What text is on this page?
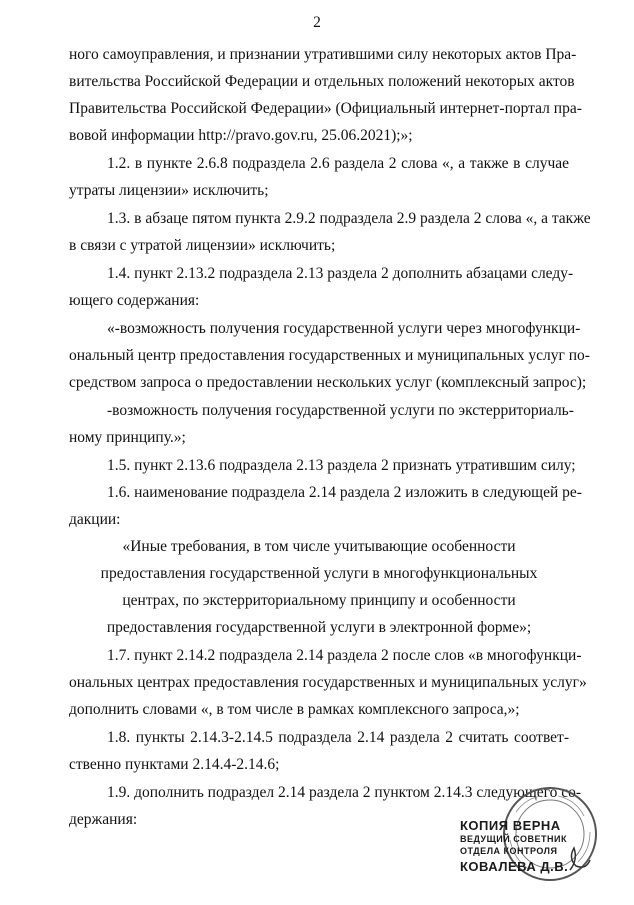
2
ного самоуправления, и признании утратившими силу некоторых актов Пра-
вительства Российской Федерации и отдельных положений некоторых актов
Правительства Российской Федерации» (Официальный интернет-портал пра-
вовой информации http://pravo.gov.ru, 25.06.2021);»;
1.2. в пункте 2.6.8 подраздела 2.6 раздела 2 слова «, а также в случае
утраты лицензии» исключить;
1.3. в абзаце пятом пункта 2.9.2 подраздела 2.9 раздела 2 слова «, а также
в связи с утратой лицензии» исключить;
1.4. пункт 2.13.2 подраздела 2.13 раздела 2 дополнить абзацами следу-
ющего содержания:
«-возможность получения государственной услуги через многофункци-
ональный центр предоставления государственных и муниципальных услуг по-
средством запроса о предоставлении нескольких услуг (комплексный запрос);
-возможность получения государственной услуги по экстерриториаль-
ному принципу.»;
1.5. пункт 2.13.6 подраздела 2.13 раздела 2 признать утратившим силу;
1.6. наименование подраздела 2.14 раздела 2 изложить в следующей ре-
дакции:
«Иные требования, в том числе учитывающие особенности
предоставления государственной услуги в многофункциональных
центрах, по экстерриториальному принципу и особенности
предоставления государственной услуги в электронной форме»;
1.7. пункт 2.14.2 подраздела 2.14 раздела 2 после слов «в многофункци-
ональных центрах предоставления государственных и муниципальных услуг»
дополнить словами «, в том числе в рамках комплексного запроса,»;
1.8. пункты 2.14.3-2.14.5 подраздела 2.14 раздела 2 считать соответ-
ственно пунктами 2.14.4-2.14.6;
1.9. дополнить подраздел 2.14 раздела 2 пунктом 2.14.3 следующего со-
держания:	КОПИЯ ВЕРНА
ВЕДУЩИЙ СОВЕТНИК
ОТДЕЛА КОНТРОЛЯ
КОВАЛЕВА Д.В.
